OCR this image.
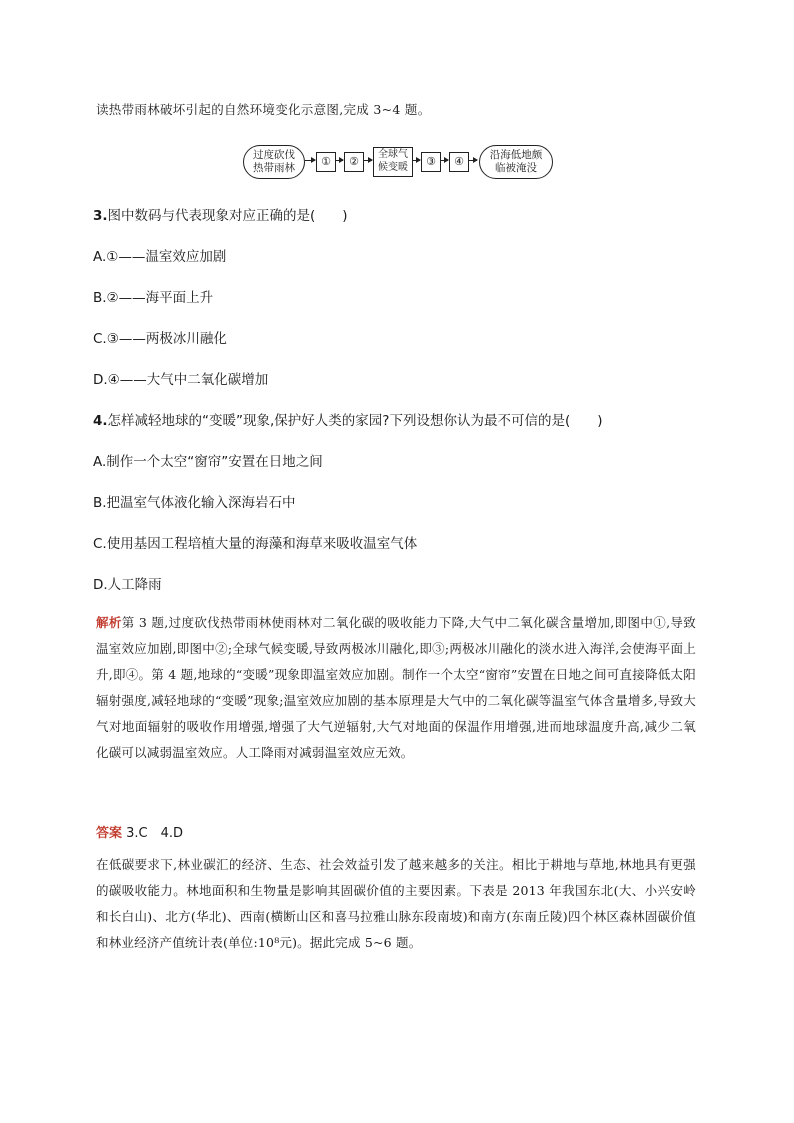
读热带雨林破坏引起的自然环境变化示意图,完成 3~4 题。
过度砍伐
热带雨林	①	②
全球气
候变暖	③	④	沿海低地颇
临被淹没
3.图中数码与代表现象对应正确的是(　　)
A.①——温室效应加剧
B.②——海平面上升
C.③——两极冰川融化
D.④——大气中二氧化碳增加
4.怎样减轻地球的“变暖”现象,保护好人类的家园?下列设想你认为最不可信的是(　　)
A.制作一个太空“窗帘”安置在日地之间
B.把温室气体液化输入深海岩石中
C.使用基因工程培植大量的海藻和海草来吸收温室气体
D.人工降雨
解析第 3 题,过度砍伐热带雨林使雨林对二氧化碳的吸收能力下降,大气中二氧化碳含量增加,即图中①,导致温室效应加剧,即图中②;全球气候变暖,导致两极冰川融化,即③;两极冰川融化的淡水进入海洋,会使海平面上升,即④。第 4 题,地球的“变暖”现象即温室效应加剧。制作一个太空“窗帘”安置在日地之间可直接降低太阳辐射强度,减轻地球的“变暖”现象;温室效应加剧的基本原理是大气中的二氧化碳等温室气体含量增多,导致大气对地面辐射的吸收作用增强,增强了大气逆辐射,大气对地面的保温作用增强,进而地球温度升高,减少二氧化碳可以减弱温室效应。人工降雨对减弱温室效应无效。
答案 3.C　4.D
在低碳要求下,林业碳汇的经济、生态、社会效益引发了越来越多的关注。相比于耕地与草地,林地具有更强的碳吸收能力。林地面积和生物量是影响其固碳价值的主要因素。下表是 2013 年我国东北(大、小兴安岭和长白山)、北方(华北)、西南(横断山区和喜马拉雅山脉东段南坡)和南方(东南丘陵)四个林区森林固碳价值和林业经济产值统计表(单位:10⁸元)。据此完成 5~6 题。
